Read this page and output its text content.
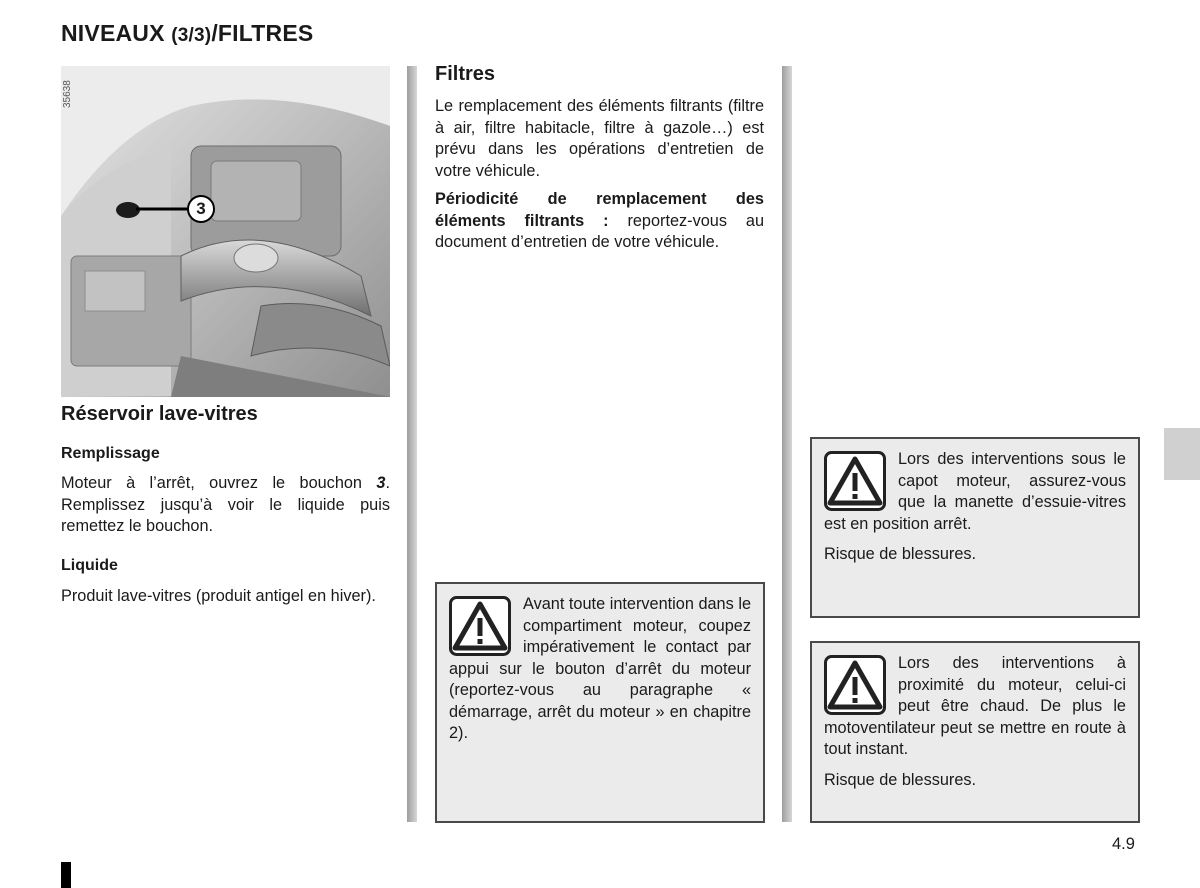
NIVEAUX (3/3)/FILTRES
3
35638
Réservoir lave-vitres
Remplissage
Moteur à l’arrêt, ouvrez le bouchon 3. Remplissez jusqu’à voir le liquide puis remettez le bouchon.
Liquide
Produit lave-vitres (produit antigel en hiver).
Filtres
Le remplacement des éléments filtrants (filtre à air, filtre habitacle, filtre à gazole…) est prévu dans les opérations d’entretien de votre véhicule.
Périodicité de remplacement des éléments filtrants : reportez-vous au document d’entretien de votre véhicule.

Avant toute intervention dans le compartiment moteur, coupez impérativement le contact par appui sur le bouton d’arrêt du moteur (reportez-vous au paragraphe « démarrage, arrêt du moteur » en chapitre 2).

Lors des interventions sous le capot moteur, assurez-vous que la manette d’essuie-vitres est en position arrêt.

Risque de blessures.

Lors des interventions à proximité du moteur, celui-ci peut être chaud. De plus le motoventilateur peut se mettre en route à tout instant.

Risque de blessures.

4.9
